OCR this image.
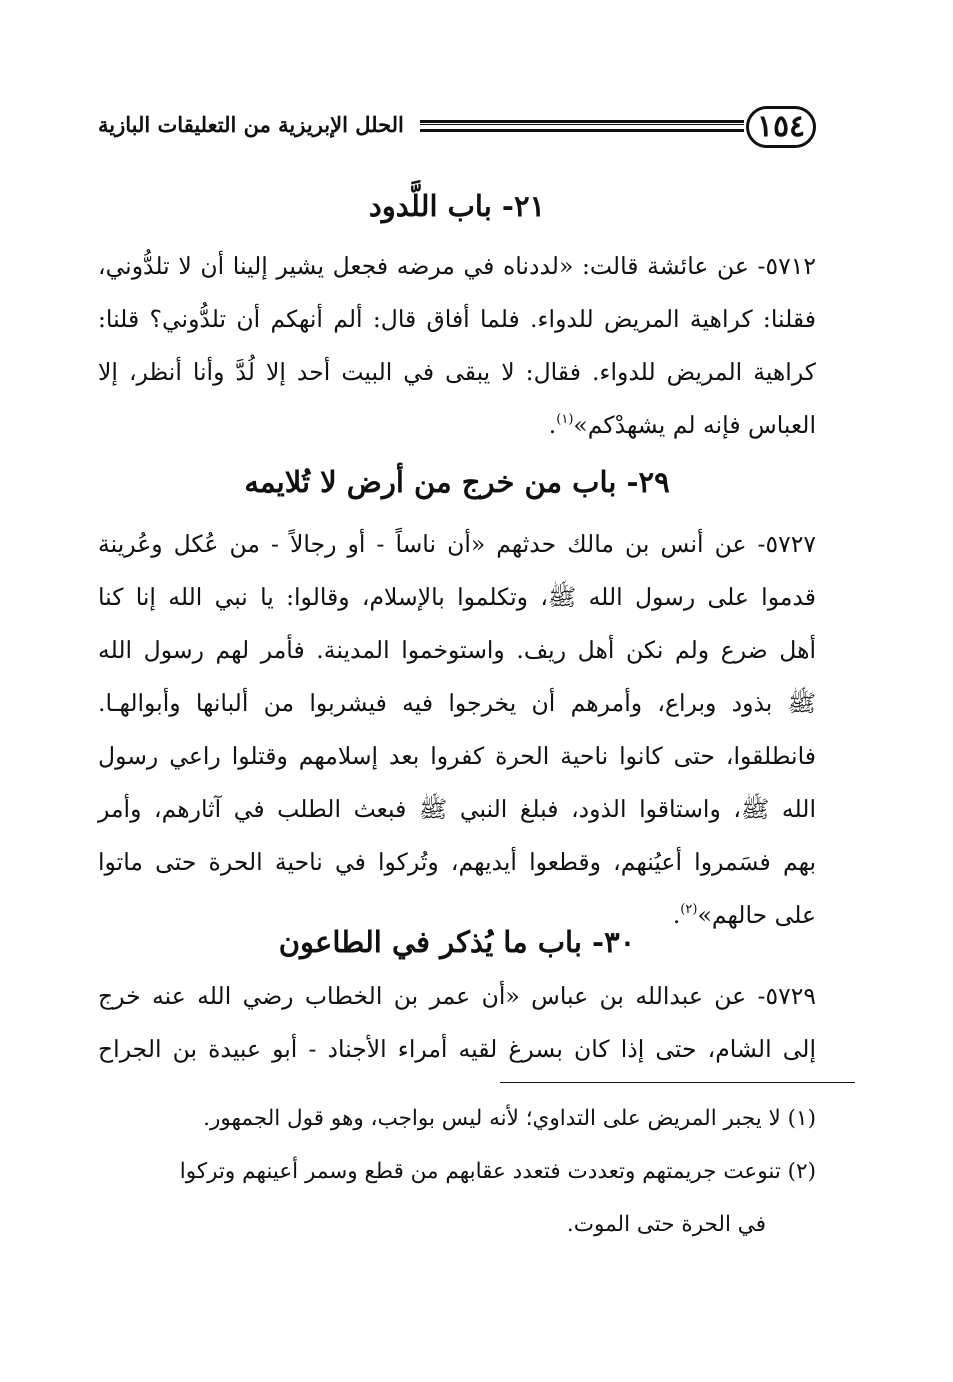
١٥٤
الحلل الإبريزية من التعليقات البازية
٢١- باب اللَّدود
٥٧١٢- عن عائشة قالت: «لددناه في مرضه فجعل يشير إلينا أن لا تلدُّوني،
فقلنا: كراهية المريض للدواء. فلما أفاق قال: ألم أنهكم أن تلدُّوني؟ قلنا:
كراهية المريض للدواء. فقال: لا يبقى في البيت أحد إلا لُدَّ وأنا أنظر، إلا
العباس فإنه لم يشهدْكم»$^{(١)}$.
٢٩- باب من خرج من أرض لا تُلايمه
٥٧٢٧- عن أنس بن مالك حدثهم «أن ناساً - أو رجالاً - من عُكل وعُرينة
قدموا على رسول الله ﷺ، وتكلموا بالإسلام، وقالوا: يا نبي الله إنا كنا
أهل ضرع ولم نكن أهل ريف. واستوخموا المدينة. فأمر لهم رسول الله
ﷺ بذود وبراع، وأمرهم أن يخرجوا فيه فيشربوا من ألبانها وأبوالهـا.
فانطلقوا، حتى كانوا ناحية الحرة كفروا بعد إسلامهم وقتلوا راعي رسول
الله ﷺ، واستاقوا الذود، فبلغ النبي ﷺ فبعث الطلب في آثارهم، وأمر
بهم فسَمروا أعيُنهم، وقطعوا أيديهم، وتُركوا في ناحية الحرة حتى ماتوا
على حالهم»$^{(٢)}$.
٣٠- باب ما يُذكر في الطاعون
٥٧٢٩- عن عبدالله بن عباس «أن عمر بن الخطاب رضي الله عنه خرج
إلى الشام، حتى إذا كان بسرغ لقيه أمراء الأجناد - أبو عبيدة بن الجراح
(١) لا يجبر المريض على التداوي؛ لأنه ليس بواجب، وهو قول الجمهور.
(٢) تنوعت جريمتهم وتعددت فتعدد عقابهم من قطع وسمر أعينهم وتركوا
في الحرة حتى الموت.
